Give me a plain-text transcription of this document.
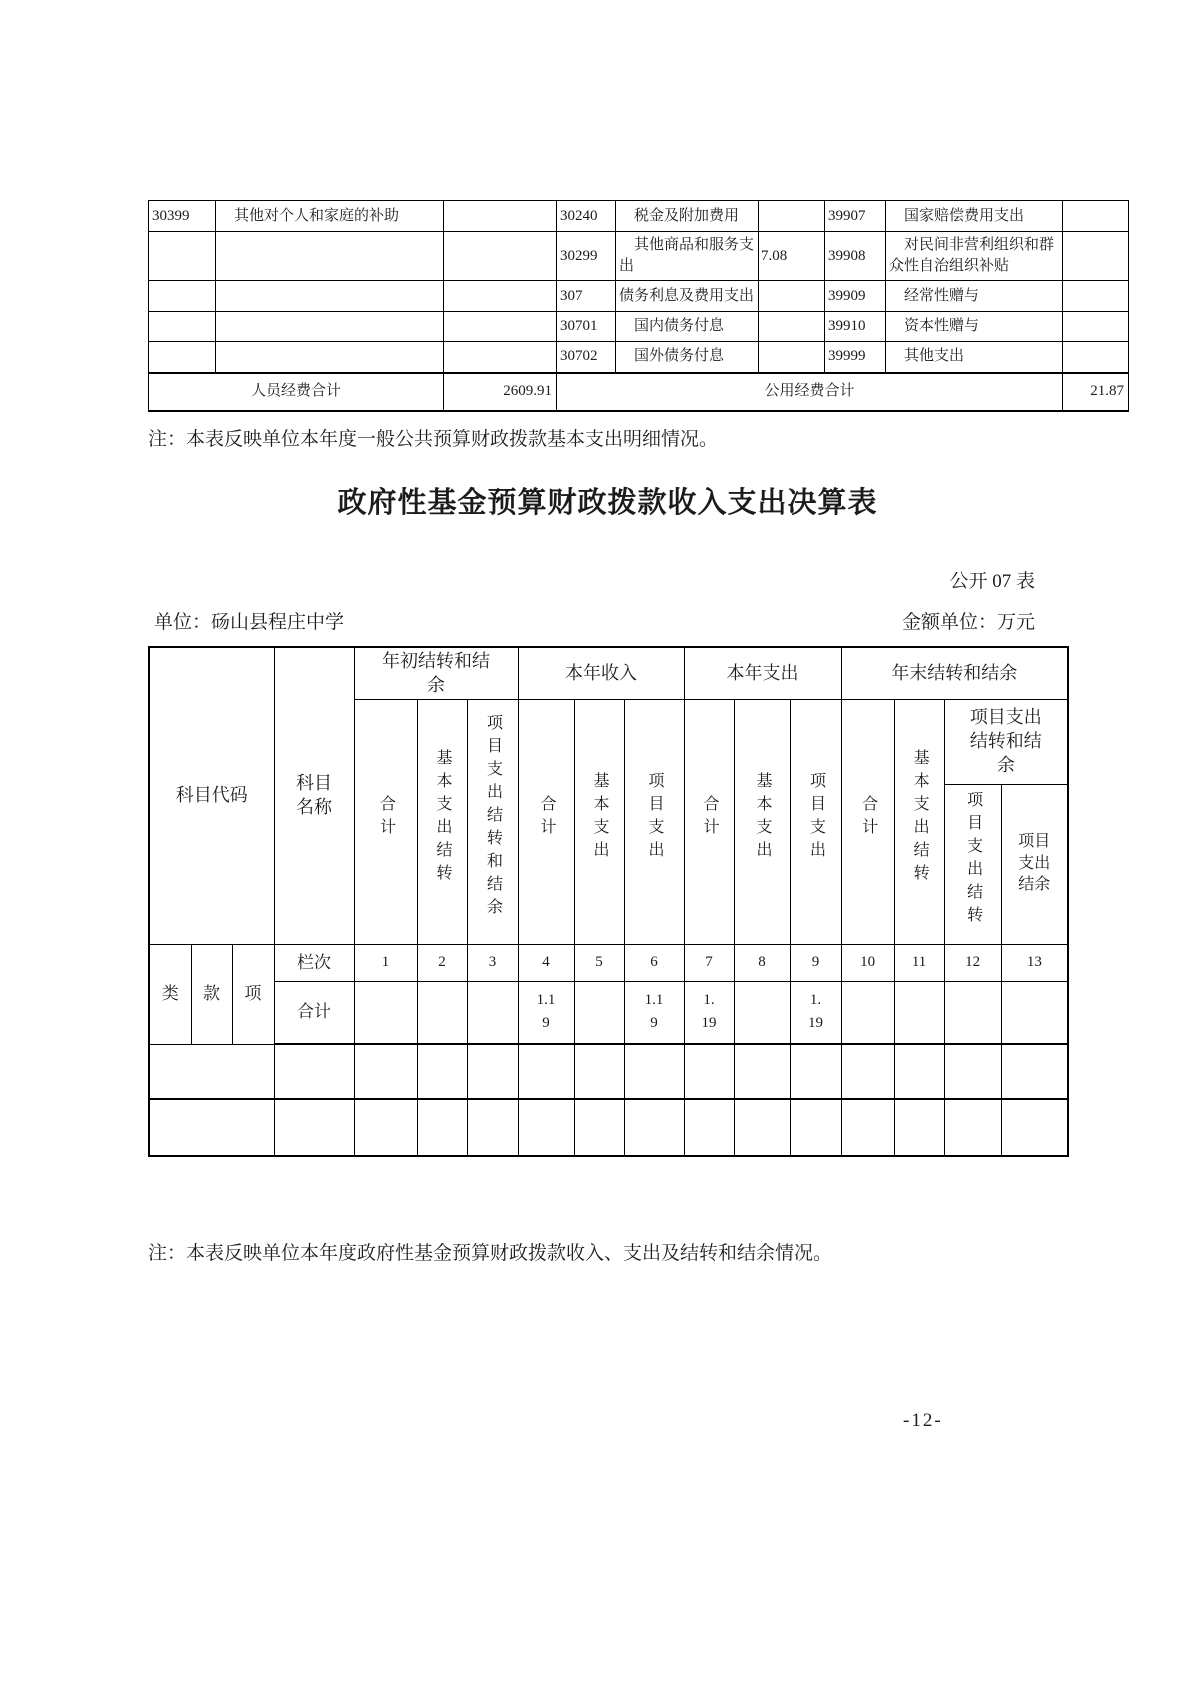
30399	其他对个人和家庭的补助		30240	税金及附加费用		39907	国家赔偿费用支出	
			30299	其他商品和服务支出	7.08	39908	对民间非营利组织和群众性自治组织补贴	
			307	债务利息及费用支出		39909	经常性赠与	
			30701	国内债务付息		39910	资本性赠与	
			30702	国外债务付息		39999	其他支出	
人员经费合计		2609.91	公用经费合计					21.87
注：本表反映单位本年度一般公共预算财政拨款基本支出明细情况。
政府性基金预算财政拨款收入支出决算表
公开 07 表
单位：砀山县程庄中学	金额单位：万元
科目代码			科目名称	年初结转和结余			本年收入			本年支出			年末结转和结余			
				合计	基本支出结转	项目支出结转和结余	合计	基本支出	项目支出	合计	基本支出	项目支出	合计	基本支出结转	项目支出结转和结余	
															项目支出结转	项目支出结余
类	款	项	栏次	1	2	3	4	5	6	7	8	9	10	11	12	13
			合计				1.19		1.19	1.19		1.19				

注：本表反映单位本年度政府性基金预算财政拨款收入、支出及结转和结余情况。
-12-
